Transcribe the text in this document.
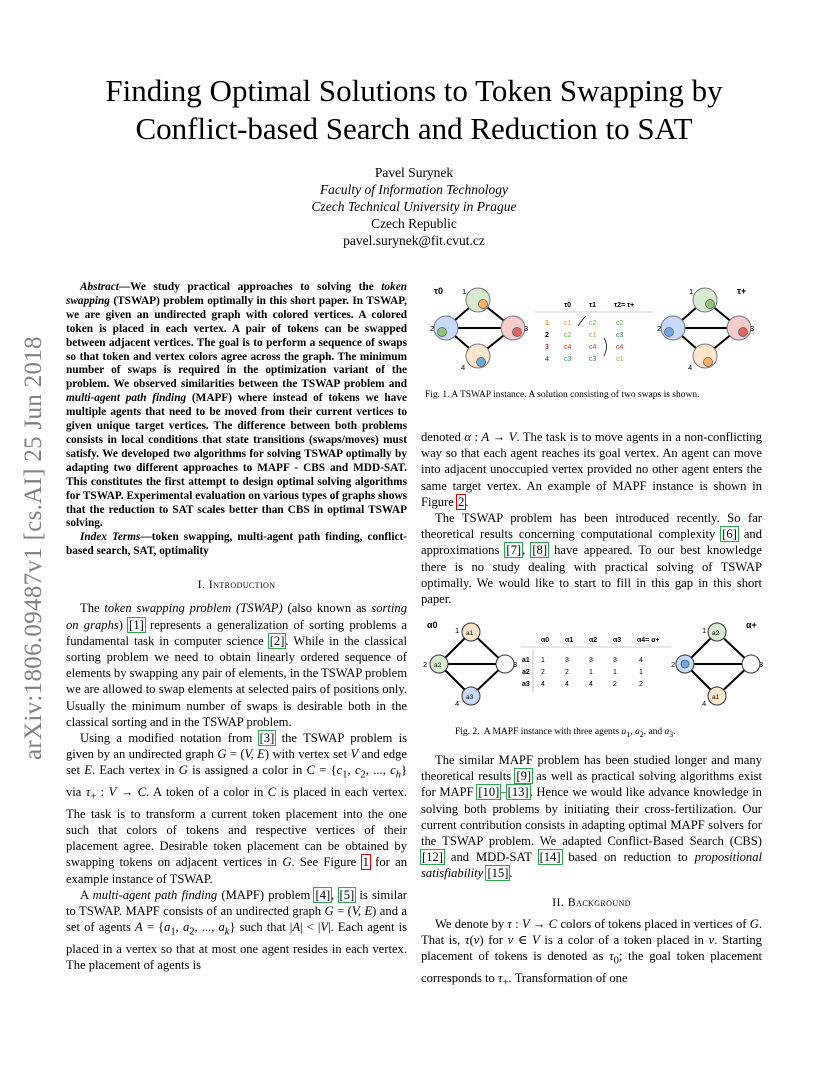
arXiv:1806.09487v1 [cs.AI] 25 Jun 2018
Finding Optimal Solutions to Token Swapping by
Conflict-based Search and Reduction to SAT
Pavel Surynek
Faculty of Information Technology
Czech Technical University in Prague
Czech Republic
pavel.surynek@fit.cvut.cz

Abstract—We study practical approaches to solving the token swapping (TSWAP) problem optimally in this short paper. In TSWAP, we are given an undirected graph with colored vertices. A colored token is placed in each vertex. A pair of tokens can be swapped between adjacent vertices. The goal is to perform a sequence of swaps so that token and vertex colors agree across the graph. The minimum number of swaps is required in the optimization variant of the problem. We observed similarities between the TSWAP problem and multi-agent path finding (MAPF) where instead of tokens we have multiple agents that need to be moved from their current vertices to given unique target vertices. The difference between both problems consists in local conditions that state transitions (swaps/moves) must satisfy. We developed two algorithms for solving TSWAP optimally by adapting two different approaches to MAPF - CBS and MDD-SAT. This constitutes the first attempt to design optimal solving algorithms for TSWAP. Experimental evaluation on various types of graphs shows that the reduction to SAT scales better than CBS in optimal TSWAP solving.

Index Terms—token swapping, multi-agent path finding, conflict-based search, SAT, optimality

I. Introduction

The token swapping problem (TSWAP) (also known as sorting on graphs) [1] represents a generalization of sorting problems a fundamental task in computer science [2]. While in the classical sorting problem we need to obtain linearly ordered sequence of elements by swapping any pair of elements, in the TSWAP problem we are allowed to swap elements at selected pairs of positions only. Usually the minimum number of swaps is desirable both in the classical sorting and in the TSWAP problem.

Using a modified notation from [3] the TSWAP problem is given by an undirected graph G = (V, E) with vertex set V and edge set E. Each vertex in G is assigned a color in $C = \{c_1$, $c_2$, ..., $c_h$} via $\tau_+$ : V → C. A token of a color in C is placed in each vertex. The task is to transform a current token placement into the one such that colors of tokens and respective vertices of their placement agree. Desirable token placement can be obtained by swapping tokens on adjacent vertices in G. See Figure 1 for an example instance of TSWAP.

A multi-agent path finding (MAPF) problem [4], [5] is similar to TSWAP. MAPF consists of an undirected graph G = (V, E) and a set of agents $A = \{a_1$, $a_2$, ..., $a_k$} such that |A| < |V|. Each agent is placed in a vertex so that at most one agent resides in each vertex. The placement of agents is

τ0	1
2	3
4
τ0	τ1	τ2= τ+
1 c1	c2	c2
2 c2	c1	c3
3 c4	c4	c4
4 c3	c3	c1
τ+
1
2	3
4
Fig. 1. A TSWAP instance. A solution consisting of two swaps is shown.

denoted α : A → V. The task is to move agents in a non-conflicting way so that each agent reaches its goal vertex. An agent can move into adjacent unoccupied vertex provided no other agent enters the same target vertex. An example of MAPF instance is shown in Figure 2.

The TSWAP problem has been introduced recently. So far theoretical results concerning computational complexity [6] and approximations [7], [8] have appeared. To our best knowledge there is no study dealing with practical solving of TSWAP optimally. We would like to start to fill in this gap in this short paper.

a1
a2
a3
α0
1
2	3
4
α0 α1 α2 α3 α4= α+
a1 1	3	3	3	4
a2 2	2	1	1	1
a3 4	4	4	2	2
a2
a1
α+
1
2	3
4
Fig. 2.  A MAPF instance with three agents $a_1$, $a_2$, and $a_3$.

The similar MAPF problem has been studied longer and many theoretical results [9] as well as practical solving algorithms exist for MAPF [10]–[13]. Hence we would like advance knowledge in solving both problems by initiating their cross-fertilization. Our current contribution consists in adapting optimal MAPF solvers for the TSWAP problem. We adapted Conflict-Based Search (CBS) [12] and MDD-SAT [14] based on reduction to propositional satisfiability [15].

II. Background

We denote by τ : V → C colors of tokens placed in vertices of G. That is, τ(v) for v ∈ V is a color of a token placed in v. Starting placement of tokens is denoted as $\tau_0$; the goal token placement corresponds to $\tau_+$. Transformation of one
